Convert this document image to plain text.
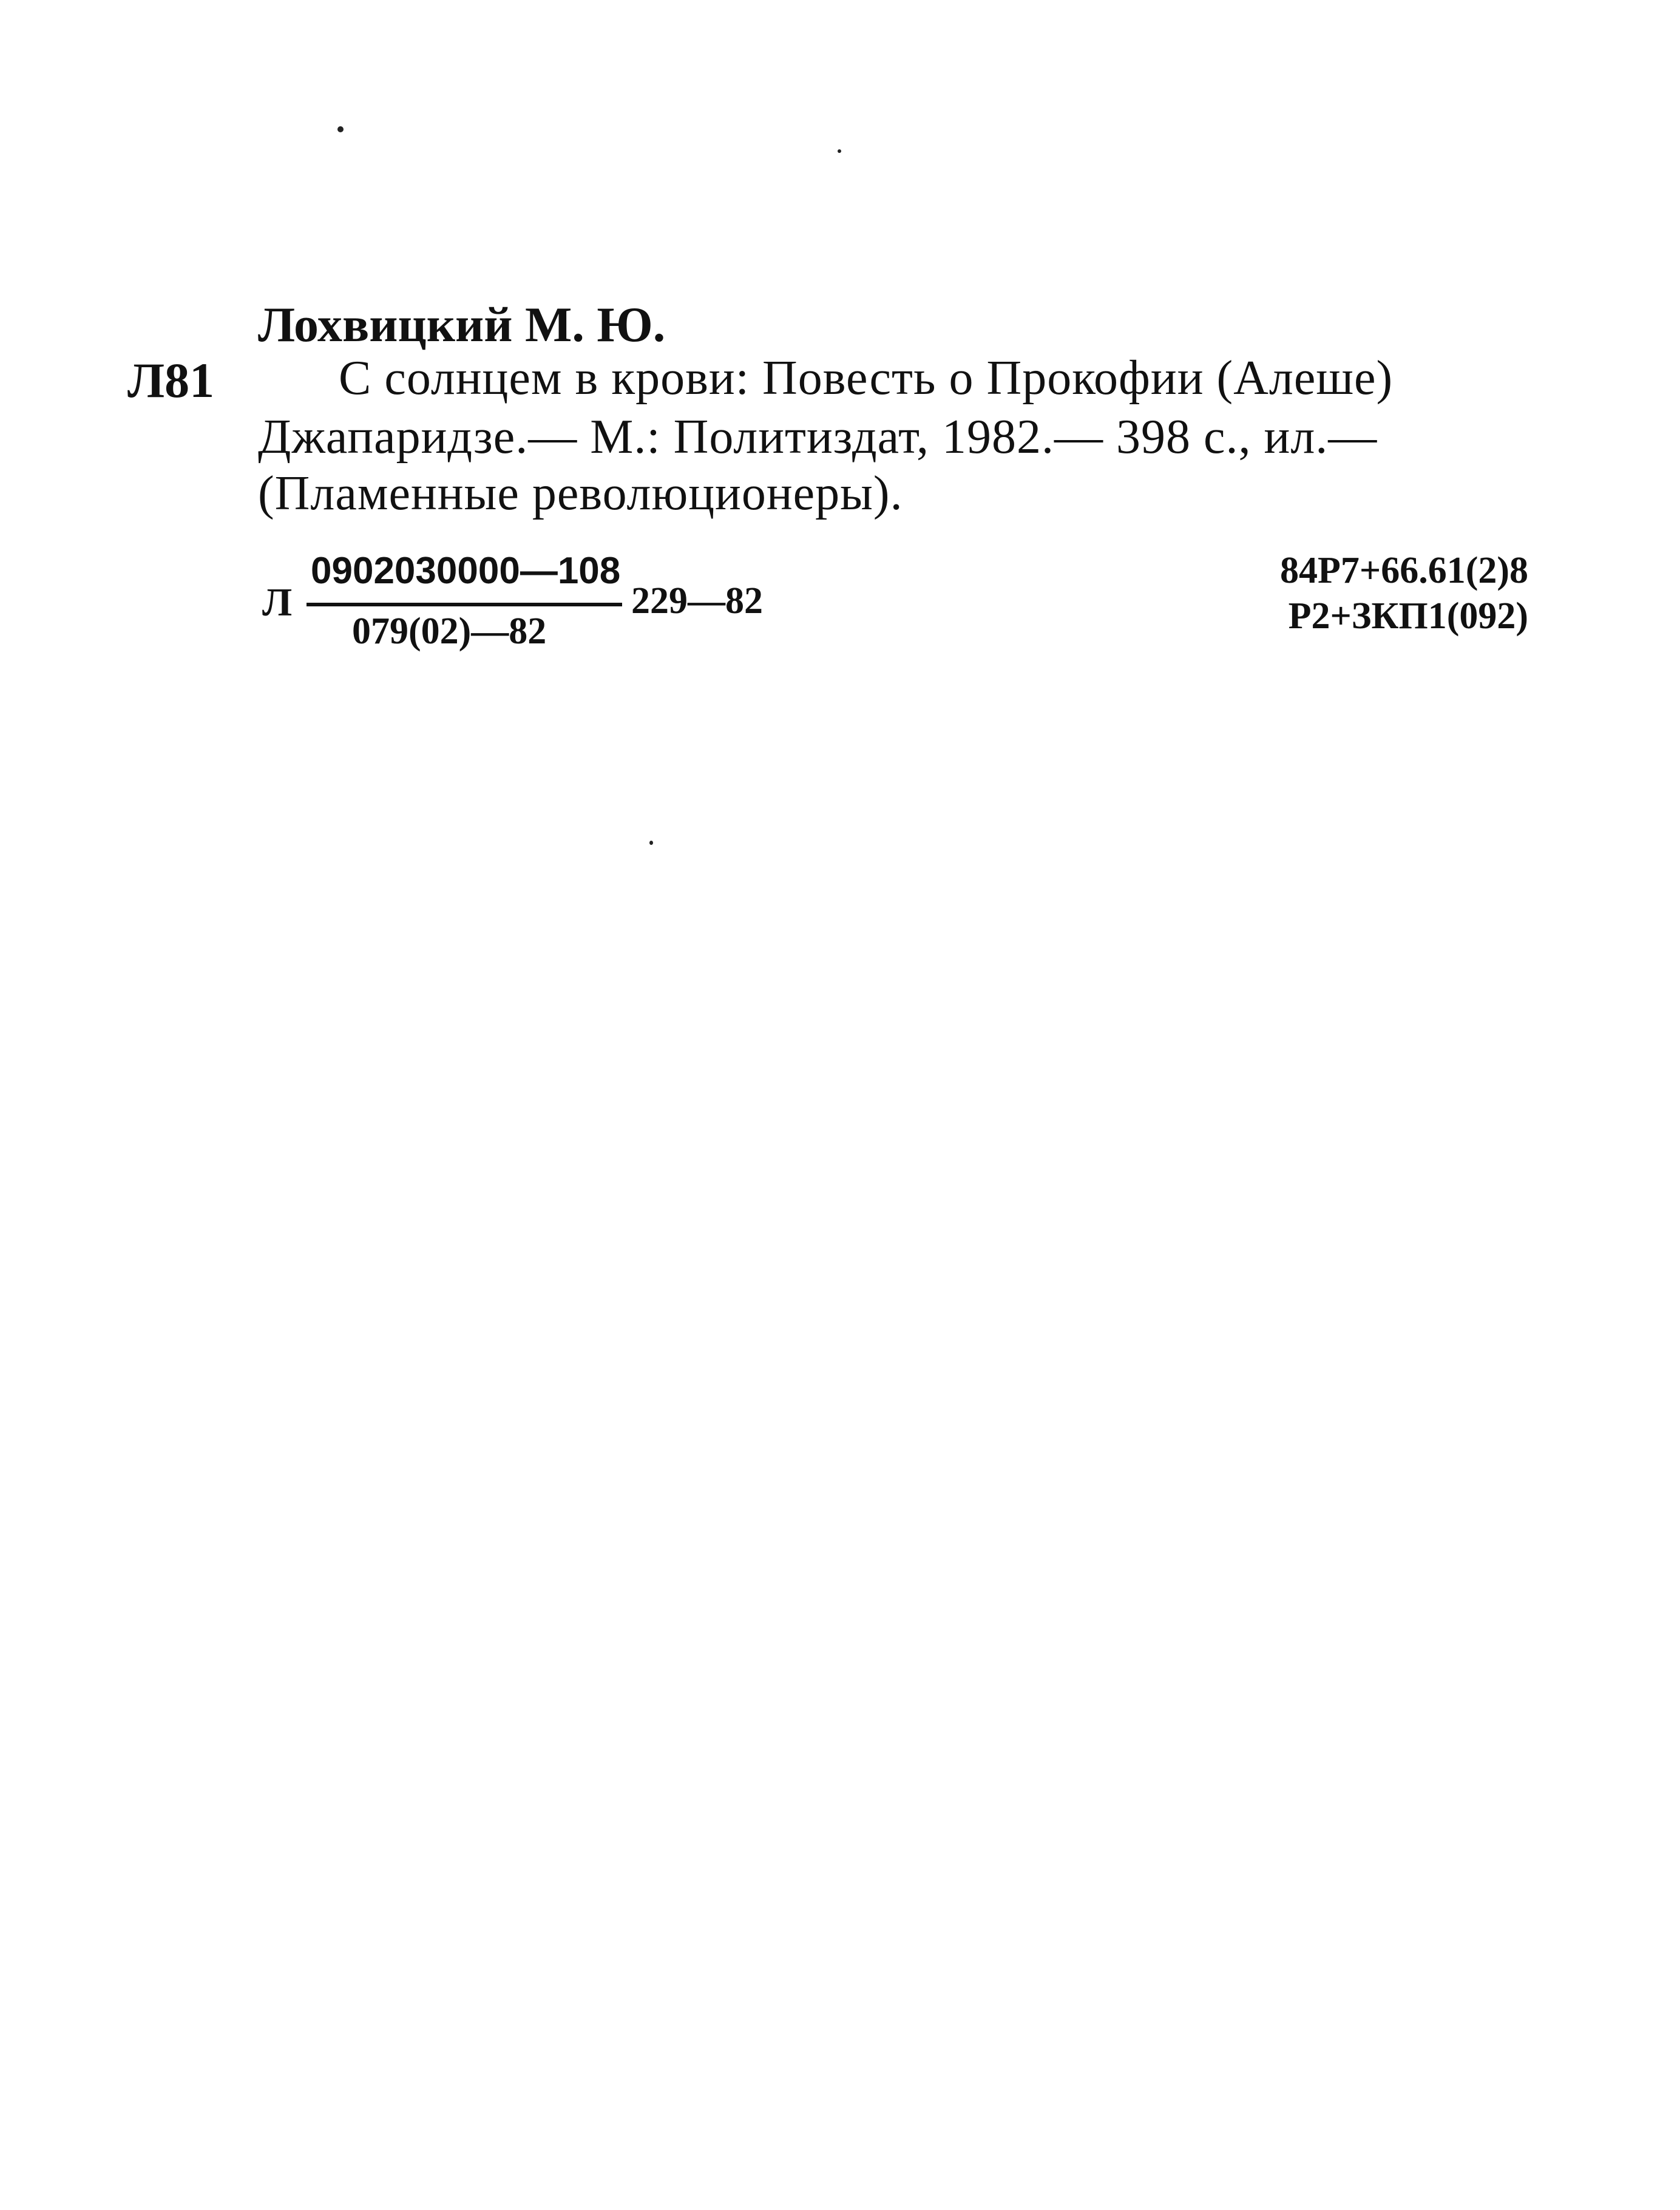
Лохвицкий М. Ю.
Л81	С солнцем в крови: Повесть о Прокофии (Алеше)
Джапаридзе.— М.: Политиздат, 1982.— 398 с., ил.—
(Пламенные революционеры).
Л
0902030000—108
079(02)—82
229—82
84Р7+66.61(2)8
Р2+ЗКП1(092)
